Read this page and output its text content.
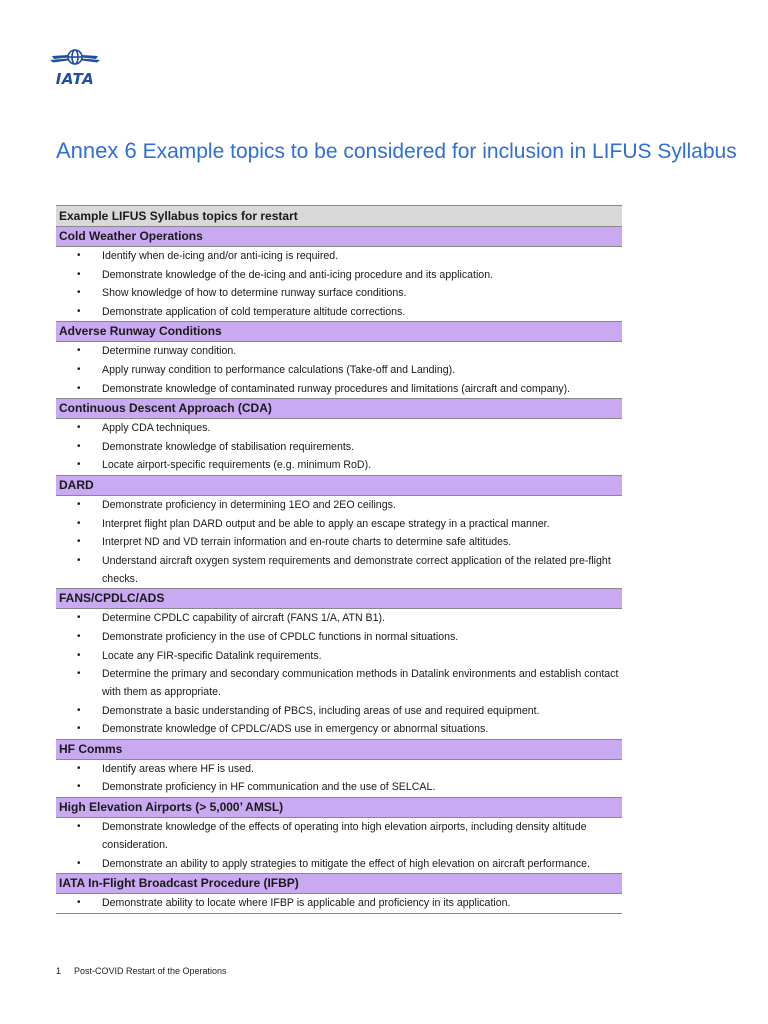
IATA
Annex 6 Example topics to be considered for inclusion in LIFUS Syllabus
Example LIFUS Syllabus topics for restart
Cold Weather Operations
• Identify when de-icing and/or anti-icing is required.
• Demonstrate knowledge of the de-icing and anti-icing procedure and its application.
• Show knowledge of how to determine runway surface conditions.
• Demonstrate application of cold temperature altitude corrections.
Adverse Runway Conditions
• Determine runway condition.
• Apply runway condition to performance calculations (Take-off and Landing).
• Demonstrate knowledge of contaminated runway procedures and limitations (aircraft and company).
Continuous Descent Approach (CDA)
• Apply CDA techniques.
• Demonstrate knowledge of stabilisation requirements.
• Locate airport-specific requirements (e.g. minimum RoD).
DARD
• Demonstrate proficiency in determining 1EO and 2EO ceilings.
• Interpret flight plan DARD output and be able to apply an escape strategy in a practical manner.
• Interpret ND and VD terrain information and en-route charts to determine safe altitudes.
• Understand aircraft oxygen system requirements and demonstrate correct application of the related pre-flight checks.
FANS/CPDLC/ADS
• Determine CPDLC capability of aircraft (FANS 1/A, ATN B1).
• Demonstrate proficiency in the use of CPDLC functions in normal situations.
• Locate any FIR-specific Datalink requirements.
• Determine the primary and secondary communication methods in Datalink environments and establish contact with them as appropriate.
• Demonstrate a basic understanding of PBCS, including areas of use and required equipment.
• Demonstrate knowledge of CPDLC/ADS use in emergency or abnormal situations.
HF Comms
• Identify areas where HF is used.
• Demonstrate proficiency in HF communication and the use of SELCAL.
High Elevation Airports (> 5,000’ AMSL)
• Demonstrate knowledge of the effects of operating into high elevation airports, including density altitude consideration.
• Demonstrate an ability to apply strategies to mitigate the effect of high elevation on aircraft performance.
IATA In-Flight Broadcast Procedure (IFBP)
• Demonstrate ability to locate where IFBP is applicable and proficiency in its application.
1 Post-COVID Restart of the Operations
